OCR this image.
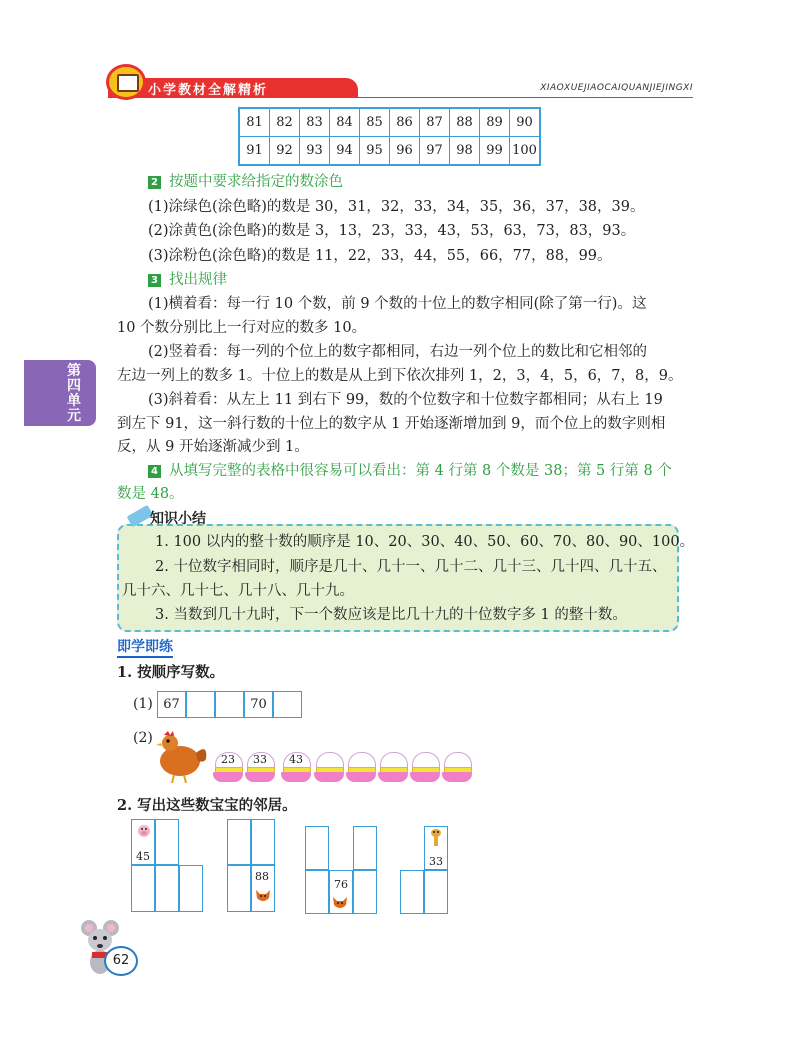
小学教材全解精析	XIAOXUEJIAOCAIQUANJIEJINGXI
81	82	83	84	85	86	87	88	89	90
91	92	93	94	95	96	97	98	99	100
2 按题中要求给指定的数涂色
(1)涂绿色(涂色略)的数是 30，31，32，33，34，35，36，37，38，39。
(2)涂黄色(涂色略)的数是 3，13，23，33，43，53，63，73，83，93。
(3)涂粉色(涂色略)的数是 11，22，33，44，55，66，77，88，99。
3 找出规律
(1)横着看：每一行 10 个数，前 9 个数的十位上的数字相同(除了第一行)。这
10 个数分别比上一行对应的数多 10。
(2)竖着看：每一列的个位上的数字都相同，右边一列个位上的数比和它相邻的
左边一列上的数多 1。十位上的数是从上到下依次排列 1，2，3，4，5，6，7，8，9。
(3)斜着看：从左上 11 到右下 99，数的个位数字和十位数字都相同；从右上 19
到左下 91，这一斜行数的十位上的数字从 1 开始逐渐增加到 9，而个位上的数字则相
反，从 9 开始逐渐减少到 1。
4 从填写完整的表格中很容易可以看出：第 4 行第 8 个数是 38；第 5 行第 8 个
数是 48。
第四单元
知识小结
1. 100 以内的整十数的顺序是 10、20、30、40、50、60、70、80、90、100。
2. 十位数字相同时，顺序是几十、几十一、几十二、几十三、几十四、几十五、
几十六、几十七、几十八、几十九。
3. 当数到几十九时，下一个数应该是比几十九的十位数字多 1 的整十数。
即学即练
1. 按顺序写数。
(1) 67	70
(2)
23	33	43
2. 写出这些数宝宝的邻居。
45
88
76
33
62
